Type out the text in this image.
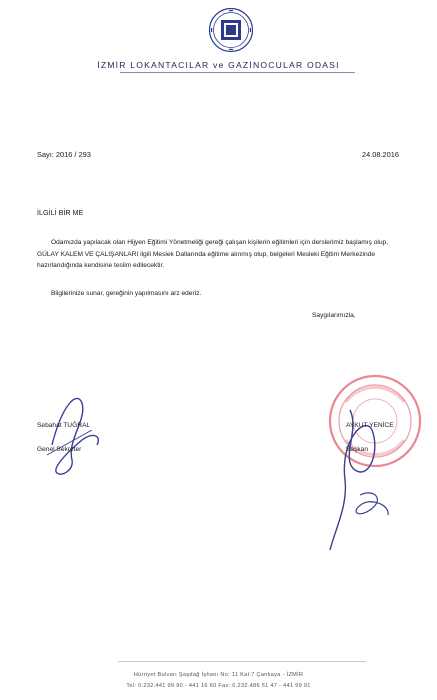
İZMİR LOKANTACILAR ve GAZİNOCULAR ODASI
Sayı: 2016 / 293	24.08.2016
İLGİLİ BİR ME
Odamızda yapılacak olan Hijyen Eğitimi Yönetmeliği gereği çalışan kişilerin eğitimleri için derslerimiz başlamış olup, GÜLAY KALEM VE ÇALIŞANLARI ilgili Meslek Dallarında eğitime alınmış olup, belgeleri Mesleki Eğitim Merkezinde hazırlandığında kendisine teslim edilecektir.
Bilgilerinize sunar, gereğinin yapılmasını arz ederiz.
Saygılarımızla,
Sebahat TUĞRAL
Genel Sekreter
AYKUT YENİCE
Başkan
Hürriyet Bulvarı Şaşdağ İşhanı No: 11 Kat:7 Çankaya - İZMİR
Tel: 0.232.441 99 90 - 441 16 60 Fax: 0.232.486 51 47 - 441 99 91
